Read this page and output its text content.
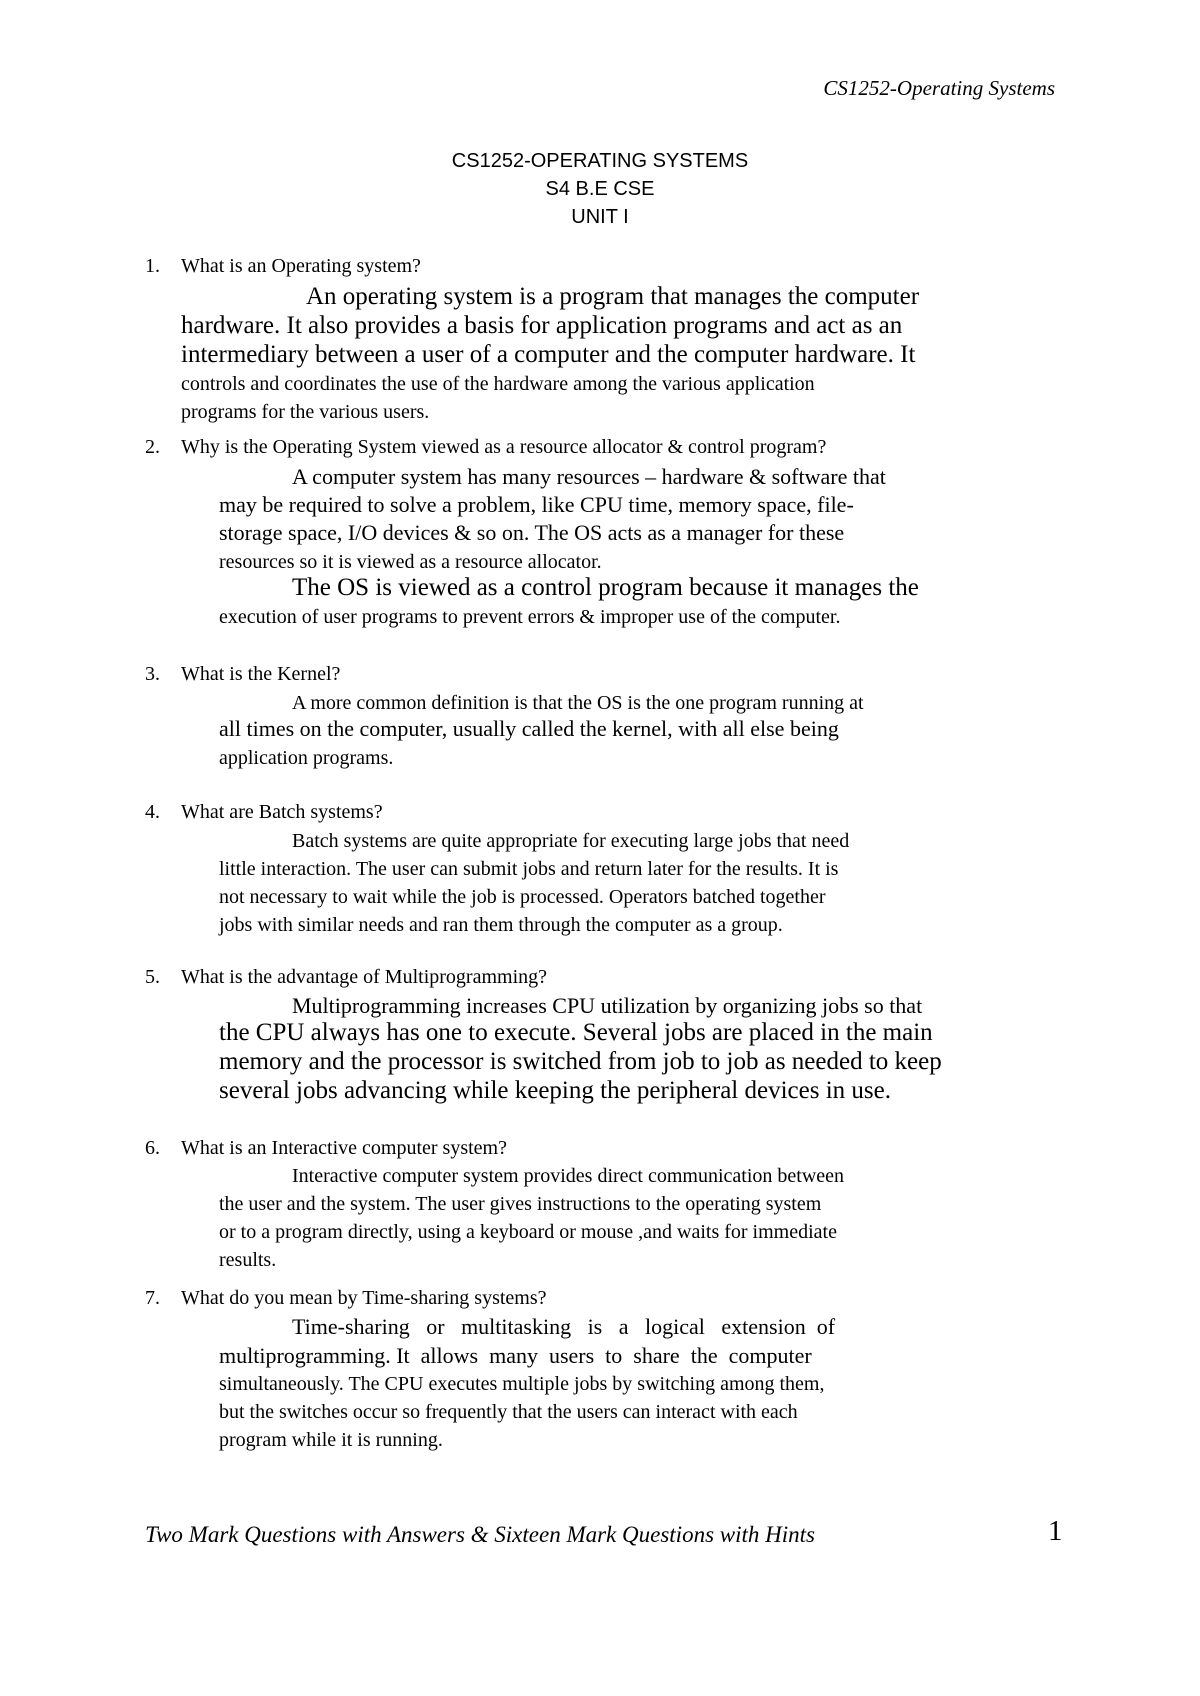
CS1252-Operating Systems
CS1252-OPERATING SYSTEMS
S4 B.E CSE
UNIT I
1. What is an Operating system?
An operating system is a program that manages the computer
hardware. It also provides a basis for application programs and act as an
intermediary between a user of a computer and the computer hardware. It
controls and coordinates the use of the hardware among the various application
programs for the various users.
2. Why is the Operating System viewed as a resource allocator & control program?
A computer system has many resources – hardware & software that
may be required to solve a problem, like CPU time, memory space, file-
storage space, I/O devices & so on. The OS acts as a manager for these
resources so it is viewed as a resource allocator.
The OS is viewed as a control program because it manages the
execution of user programs to prevent errors & improper use of the computer.
3. What is the Kernel?
A more common definition is that the OS is the one program running at
all times on the computer, usually called the kernel, with all else being
application programs.
4. What are Batch systems?
Batch systems are quite appropriate for executing large jobs that need
little interaction. The user can submit jobs and return later for the results. It is
not necessary to wait while the job is processed. Operators batched together
jobs with similar needs and ran them through the computer as a group.
5. What is the advantage of Multiprogramming?
Multiprogramming increases CPU utilization by organizing jobs so that
the CPU always has one to execute. Several jobs are placed in the main
memory and the processor is switched from job to job as needed to keep
several jobs advancing while keeping the peripheral devices in use.
6. What is an Interactive computer system?
Interactive computer system provides direct communication between
the user and the system. The user gives instructions to the operating system
or to a program directly, using a keyboard or mouse ,and waits for immediate
results.
7. What do you mean by Time-sharing systems?
Time-sharing   or   multitasking   is   a   logical   extension  of
multiprogramming. It  allows  many  users  to  share  the  computer
simultaneously. The CPU executes multiple jobs by switching among them,
but the switches occur so frequently that the users can interact with each
program while it is running.
Two Mark Questions with Answers & Sixteen Mark Questions with Hints	1
